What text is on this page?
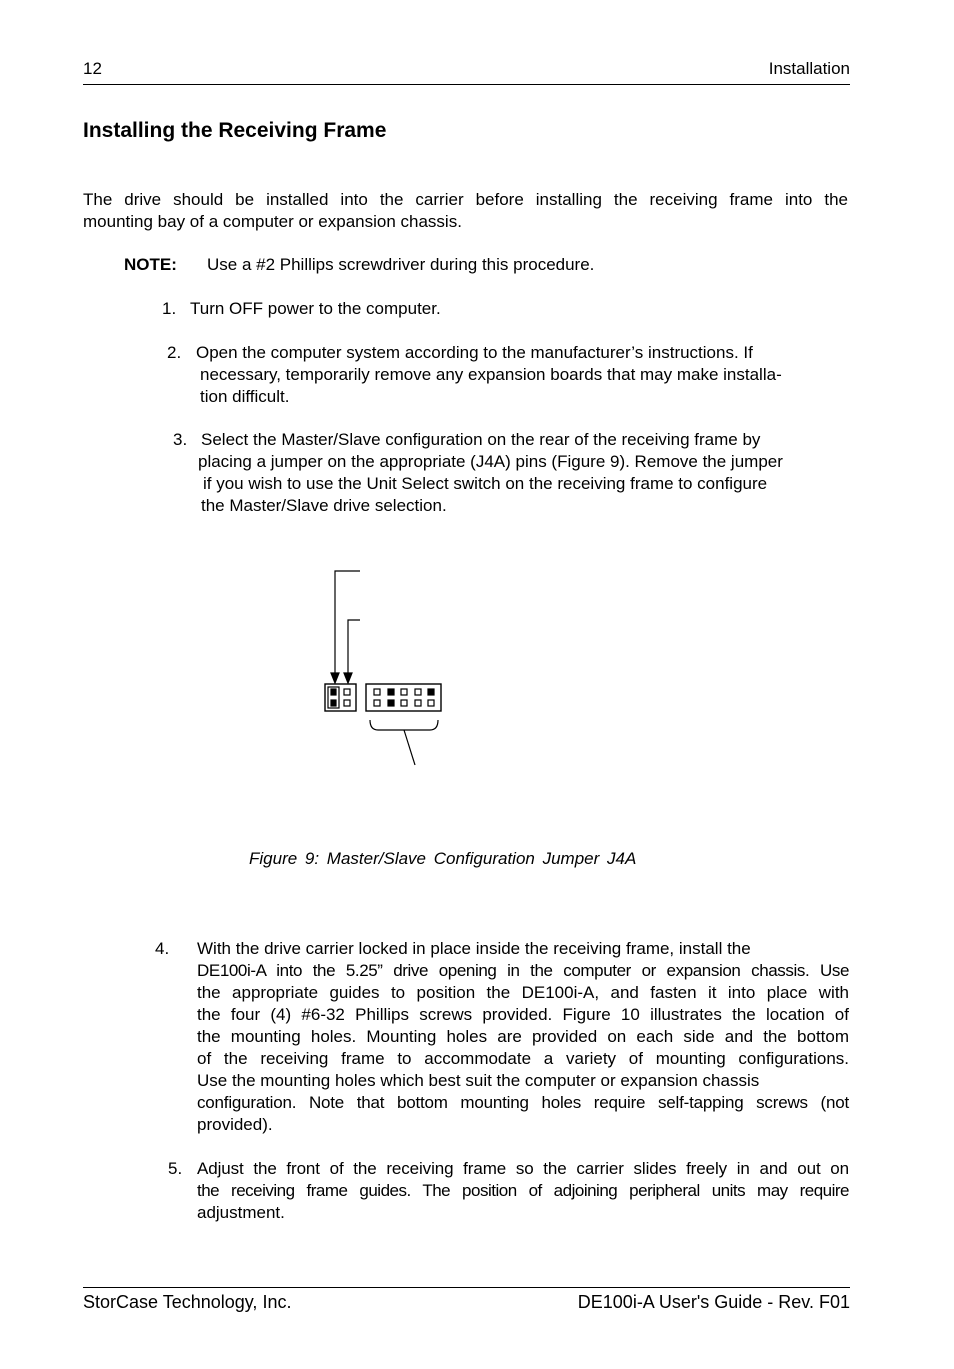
12	Installation
Installing the Receiving Frame
The drive should be installed into the carrier before installing the receiving frame into the
mounting bay of a computer or expansion chassis.
NOTE: Use a #2 Phillips screwdriver during this procedure.
1. Turn OFF power to the computer.
2. Open the computer system according to the manufacturer’s instructions. If
necessary, temporarily remove any expansion boards that may make installa-
tion difficult.
3. Select the Master/Slave configuration on the rear of the receiving frame by
placing a jumper on the appropriate (J4A) pins (Figure 9). Remove the jumper
if you wish to use the Unit Select switch on the receiving frame to configure
the Master/Slave drive selection.
Figure 9: Master/Slave Configuration Jumper J4A
4. With the drive carrier locked in place inside the receiving frame, install the
DE100i-A into the 5.25” drive opening in the computer or expansion chassis. Use
the appropriate guides to position the DE100i-A, and fasten it into place with
the four (4) #6-32 Phillips screws provided. Figure 10 illustrates the location of
the mounting holes. Mounting holes are provided on each side and the bottom
of the receiving frame to accommodate a variety of mounting configurations.
Use the mounting holes which best suit the computer or expansion chassis
configuration. Note that bottom mounting holes require self-tapping screws (not
provided).
5. Adjust the front of the receiving frame so the carrier slides freely in and out on
the receiving frame guides. The position of adjoining peripheral units may require
adjustment.
StorCase Technology, Inc.	DE100i-A User's Guide - Rev. F01
